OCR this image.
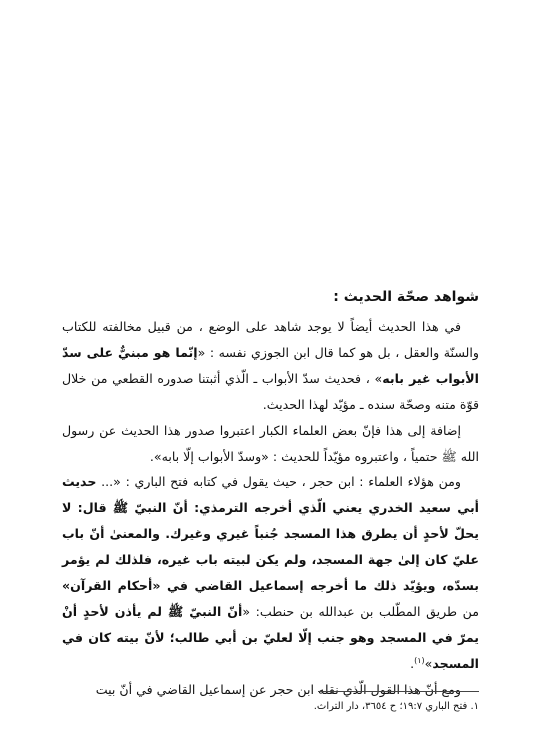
شواهد صحّة الحديث :

في هذا الحديث أيضاً لا يوجد شاهد على الوضع ، من قبيل مخالفته للكتاب والسنّة والعقل ، بل هو كما قال ابن الجوزي نفسه : «إنّما هو مبنيٌّ على سدّ الأبواب غير بابه» ، فحديث سدّ الأبواب ـ الّذي أثبتنا صدوره القطعي من خلال قوّة متنه وصحّة سنده ـ مؤيّد لهذا الحديث.

إضافة إلى هذا فإنّ بعض العلماء الكبار اعتبروا صدور هذا الحديث عن رسول الله ﷺ حتمياً ، واعتبروه مؤيّداً للحديث : «وسدّ الأبواب إلّا بابه».

ومن هؤلاء العلماء : ابن حجر ، حيث يقول في كتابه فتح الباري : «... حديث أبي سعيد الخدري يعني الّذي أخرجه الترمذي: أنّ النبيّ ﷺ قال: لا يحلّ لأحدٍ أن يطرق هذا المسجد جُنباً غيري وغيرك. والمعنىٰ أنّ باب عليّ كان إلىٰ جهة المسجد، ولم يكن لبيته باب غيره، فلذلك لم يؤمر بسدّه، ويؤيّد ذلك ما أخرجه إسماعيل القاضي في «أحكام القرآن» من طريق المطّلب بن عبدالله بن حنطب: «أنّ النبيّ ﷺ لم يأذن لأحدٍ أنْ يمرّ في المسجد وهو جنب إلّا لعليّ بن أبي طالب؛ لأنّ بيته كان في المسجد»$^{(١)}$.

ومع أنّ هذا القول الّذي نقله ابن حجر عن إسماعيل القاضي في أنّ بيت

١. فتح الباري ١٩:٧؛ ح ٣٦٥٤، دار التراث.
